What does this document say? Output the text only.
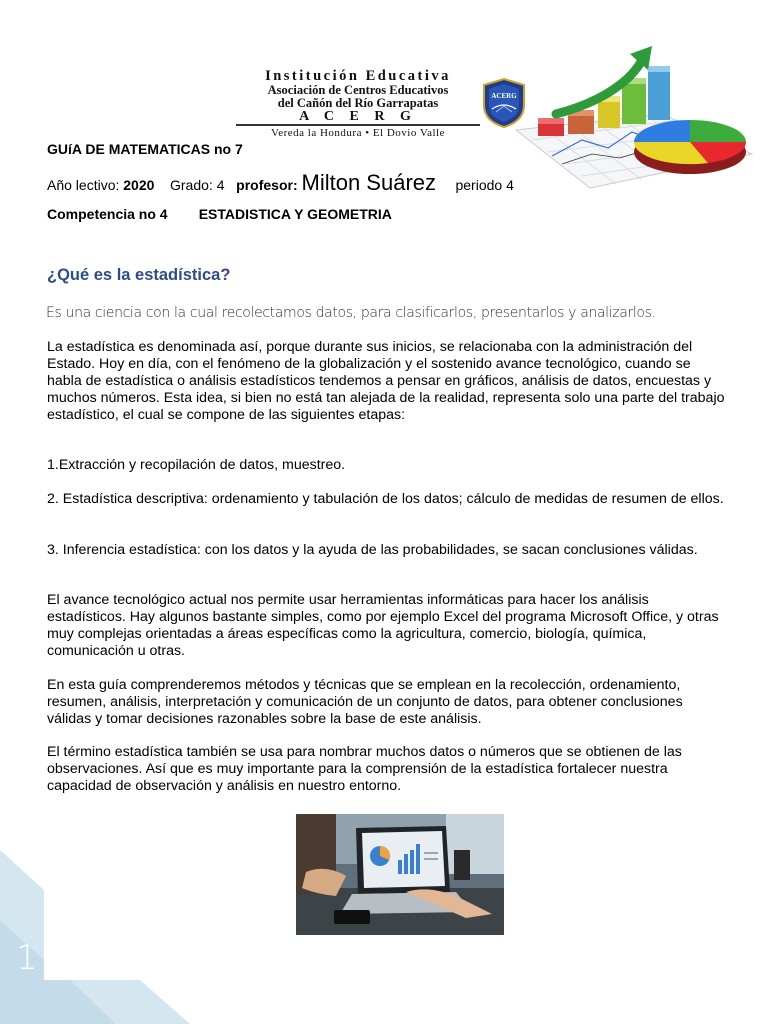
Institución Educativa
Asociación de Centros Educativos
del Cañón del Río Garrapatas
A C E R G
Vereda la Hondura • El Dovio Valle
ACERG
GUíA DE MATEMATICAS no 7
Año lectivo:
2020
Grado:
4
profesor:
Milton Suárez
periodo
4
Competencia no 4 ESTADISTICA Y GEOMETRIA
¿Qué es la estadística?
Es una ciencia con la cual recolectamos datos, para clasificarlos, presentarlos y analizarlos.

La estadística es denominada así, porque durante sus inicios, se relacionaba con la administración del Estado. Hoy en día, con el fenómeno de la globalización y el sostenido avance tecnológico, cuando se habla de estadística o análisis estadísticos tendemos a pensar en gráficos, análisis de datos, encuestas y muchos números. Esta idea, si bien no está tan alejada de la realidad, representa solo una parte del trabajo estadístico, el cual se compone de las siguientes etapas:

1.Extracción y recopilación de datos, muestreo.

2. Estadística descriptiva: ordenamiento y tabulación de los datos; cálculo de medidas de resumen de ellos.

3. Inferencia estadística: con los datos y la ayuda de las probabilidades, se sacan conclusiones válidas.

El avance tecnológico actual nos permite usar herramientas informáticas para hacer los análisis estadísticos. Hay algunos bastante simples, como por ejemplo Excel del programa Microsoft Office, y otras muy complejas orientadas a áreas específicas como la agricultura, comercio, biología, química, comunicación u otras.

En esta guía comprenderemos métodos y técnicas que se emplean en la recolección, ordenamiento, resumen, análisis, interpretación y comunicación de un conjunto de datos, para obtener conclusiones válidas y tomar decisiones razonables sobre la base de este análisis.

El término estadística también se usa para nombrar muchos datos o números que se obtienen de las observaciones. Así que es muy importante para la comprensión de la estadística fortalecer nuestra capacidad de observación y análisis en nuestro entorno.

1
